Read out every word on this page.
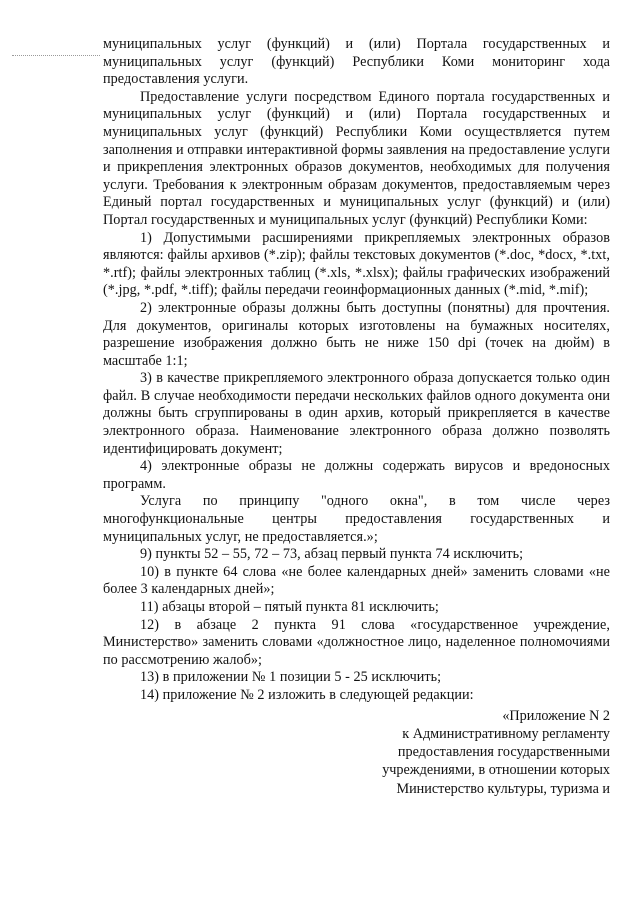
муниципальных услуг (функций) и (или) Портала государственных и муниципальных услуг (функций) Республики Коми мониторинг хода предоставления услуги.

Предоставление услуги посредством Единого портала государственных и муниципальных услуг (функций) и (или) Портала государственных и муниципальных услуг (функций) Республики Коми осуществляется путем заполнения и отправки интерактивной формы заявления на предоставление услуги и прикрепления электронных образов документов, необходимых для получения услуги. Требования к электронным образам документов, предоставляемым через Единый портал государственных и муниципальных услуг (функций) и (или) Портал государственных и муниципальных услуг (функций) Республики Коми:

1) Допустимыми расширениями прикрепляемых электронных образов являются: файлы архивов (*.zip); файлы текстовых документов (*.doc, *docx, *.txt, *.rtf); файлы электронных таблиц (*.xls, *.xlsx); файлы графических изображений (*.jpg, *.pdf, *.tiff); файлы передачи геоинформационных данных (*.mid, *.mif);

2) электронные образы должны быть доступны (понятны) для прочтения. Для документов, оригиналы которых изготовлены на бумажных носителях, разрешение изображения должно быть не ниже 150 dpi (точек на дюйм) в масштабе 1:1;

3) в качестве прикрепляемого электронного образа допускается только один файл. В случае необходимости передачи нескольких файлов одного документа они должны быть сгруппированы в один архив, который прикрепляется в качестве электронного образа. Наименование электронного образа должно позволять идентифицировать документ;

4) электронные образы не должны содержать вирусов и вредоносных программ.

Услуга по принципу "одного окна", в том числе через многофункциональные центры предоставления государственных и муниципальных услуг, не предоставляется.»;

9) пункты 52 – 55, 72 – 73, абзац первый пункта 74 исключить;

10) в пункте 64 слова «не более календарных дней» заменить словами «не более 3 календарных дней»;

11) абзацы второй – пятый пункта 81 исключить;

12) в абзаце 2 пункта 91 слова «государственное учреждение, Министерство» заменить словами «должностное лицо, наделенное полномочиями по рассмотрению жалоб»;

13) в приложении № 1 позиции 5 - 25 исключить;

14) приложение № 2 изложить в следующей редакции:

«Приложение N 2
к Административному регламенту
предоставления государственными
учреждениями, в отношении которых
Министерство культуры, туризма и
